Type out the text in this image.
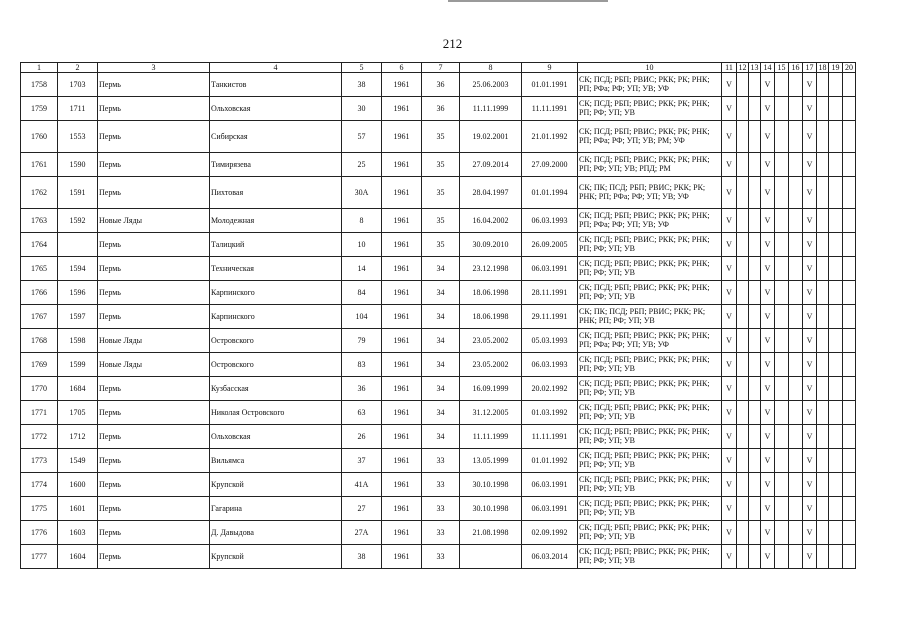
212
1	2	3	4	5	6	7	8	9	10	11	12	13	14	15	16	17	18	19	20
1758	1703	Пермь	Танкистов	38	1961	36	25.06.2003	01.01.1991	СК; ПСД; РБП; РВИС; РКК; РК; РНК; РП; РФа; РФ; УП; УВ; УФ	V			V			V			
1759	1711	Пермь	Ольховская	30	1961	36	11.11.1999	11.11.1991	СК; ПСД; РБП; РВИС; РКК; РК; РНК; РП; РФ; УП; УВ	V			V			V			
1760	1553	Пермь	Сибирская	57	1961	35	19.02.2001	21.01.1992	СК; ПСД; РБП; РВИС; РКК; РК; РНК; РП; РФа; РФ; УП; УВ; РМ; УФ	V			V			V			
1761	1590	Пермь	Тимирязева	25	1961	35	27.09.2014	27.09.2000	СК; ПСД; РБП; РВИС; РКК; РК; РНК; РП; РФ; УП; УВ; РПД; РМ	V			V			V			
1762	1591	Пермь	Пихтовая	30А	1961	35	28.04.1997	01.01.1994	СК; ПК; ПСД; РБП; РВИС; РКК; РК; РНК; РП; РФа; РФ; УП; УВ; УФ	V			V			V			
1763	1592	Новые Ляды	Молодежная	8	1961	35	16.04.2002	06.03.1993	СК; ПСД; РБП; РВИС; РКК; РК; РНК; РП; РФа; РФ; УП; УВ; УФ	V			V			V			
1764		Пермь	Талицкий	10	1961	35	30.09.2010	26.09.2005	СК; ПСД; РБП; РВИС; РКК; РК; РНК; РП; РФ; УП; УВ	V			V			V			
1765	1594	Пермь	Техническая	14	1961	34	23.12.1998	06.03.1991	СК; ПСД; РБП; РВИС; РКК; РК; РНК; РП; РФ; УП; УВ	V			V			V			
1766	1596	Пермь	Карпинского	84	1961	34	18.06.1998	28.11.1991	СК; ПСД; РБП; РВИС; РКК; РК; РНК; РП; РФ; УП; УВ	V			V			V			
1767	1597	Пермь	Карпинского	104	1961	34	18.06.1998	29.11.1991	СК; ПК; ПСД; РБП; РВИС; РКК; РК; РНК; РП; РФ; УП; УВ	V			V			V			
1768	1598	Новые Ляды	Островского	79	1961	34	23.05.2002	05.03.1993	СК; ПСД; РБП; РВИС; РКК; РК; РНК; РП; РФа; РФ; УП; УВ; УФ	V			V			V			
1769	1599	Новые Ляды	Островского	83	1961	34	23.05.2002	06.03.1993	СК; ПСД; РБП; РВИС; РКК; РК; РНК; РП; РФ; УП; УВ	V			V			V			
1770	1684	Пермь	Кузбасская	36	1961	34	16.09.1999	20.02.1992	СК; ПСД; РБП; РВИС; РКК; РК; РНК; РП; РФ; УП; УВ	V			V			V			
1771	1705	Пермь	Николая Островского	63	1961	34	31.12.2005	01.03.1992	СК; ПСД; РБП; РВИС; РКК; РК; РНК; РП; РФ; УП; УВ	V			V			V			
1772	1712	Пермь	Ольховская	26	1961	34	11.11.1999	11.11.1991	СК; ПСД; РБП; РВИС; РКК; РК; РНК; РП; РФ; УП; УВ	V			V			V			
1773	1549	Пермь	Вильямса	37	1961	33	13.05.1999	01.01.1992	СК; ПСД; РБП; РВИС; РКК; РК; РНК; РП; РФ; УП; УВ	V			V			V			
1774	1600	Пермь	Крупской	41А	1961	33	30.10.1998	06.03.1991	СК; ПСД; РБП; РВИС; РКК; РК; РНК; РП; РФ; УП; УВ	V			V			V			
1775	1601	Пермь	Гагарина	27	1961	33	30.10.1998	06.03.1991	СК; ПСД; РБП; РВИС; РКК; РК; РНК; РП; РФ; УП; УВ	V			V			V			
1776	1603	Пермь	Д. Давыдова	27А	1961	33	21.08.1998	02.09.1992	СК; ПСД; РБП; РВИС; РКК; РК; РНК; РП; РФ; УП; УВ	V			V			V			
1777	1604	Пермь	Крупской	38	1961	33		06.03.2014	СК; ПСД; РБП; РВИС; РКК; РК; РНК; РП; РФ; УП; УВ	V			V			V			
